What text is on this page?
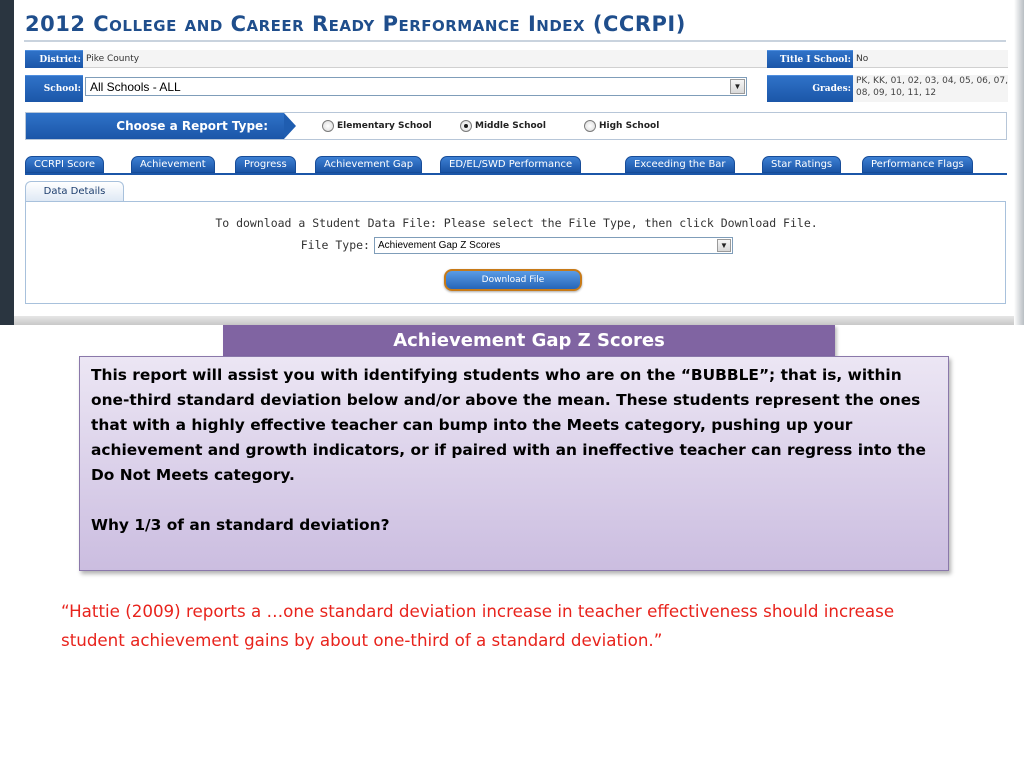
2012 College and Career Ready Performance Index (CCRPI)
District: Pike County	Title I School: No
School: All Schools - ALL	▼	Grades:
PK, KK, 01, 02, 03, 04, 05, 06, 07, 08, 09, 10, 11, 12
Choose a Report Type:	Elementary School	Middle School	High School
CCRPI Score	Achievement	Progress	Achievement Gap	ED/EL/SWD Performance	Exceeding the Bar	Star Ratings	Performance Flags
Data Details
To download a Student Data File: Please select the File Type, then click Download File.
File Type: Achievement Gap Z Scores	▼
Download File
Achievement Gap Z Scores

This report will assist you with identifying students who are on the “BUBBLE”; that is, within one-third standard deviation below and/or above the mean. These students represent the ones that with a highly effective teacher can bump into the Meets category, pushing up your achievement and growth indicators, or if paired with an ineffective teacher can regress into the Do Not Meets category.

Why 1/3 of an standard deviation?

“Hattie (2009) reports a …one standard deviation increase in teacher effectiveness should increase student achievement gains by about one-third of a standard deviation.”
